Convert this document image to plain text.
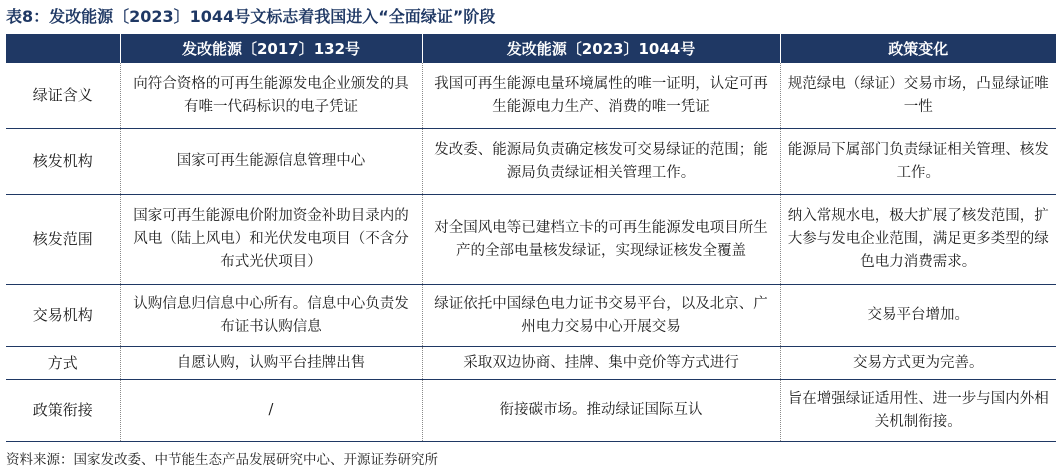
表8：发改能源〔2023〕1044号文标志着我国进入“全面绿证”阶段
	发改能源〔2017〕132号	发改能源〔2023〕1044号	政策变化
绿证含义	向符合资格的可再生能源发电企业颁发的具有唯一代码标识的电子凭证	我国可再生能源电量环境属性的唯一证明，认定可再生能源电力生产、消费的唯一凭证	规范绿电（绿证）交易市场，凸显绿证唯一性
核发机构	国家可再生能源信息管理中心	发改委、能源局负责确定核发可交易绿证的范围；能源局负责绿证相关管理工作。	能源局下属部门负责绿证相关管理、核发工作。
核发范围	国家可再生能源电价附加资金补助目录内的风电（陆上风电）和光伏发电项目（不含分布式光伏项目）	对全国风电等已建档立卡的可再生能源发电项目所生产的全部电量核发绿证，实现绿证核发全覆盖	纳入常规水电，极大扩展了核发范围，扩大参与发电企业范围，满足更多类型的绿色电力消费需求。
交易机构	认购信息归信息中心所有。信息中心负责发布证书认购信息	绿证依托中国绿色电力证书交易平台，以及北京、广州电力交易中心开展交易	交易平台增加。
方式	自愿认购，认购平台挂牌出售	采取双边协商、挂牌、集中竞价等方式进行	交易方式更为完善。
政策衔接	/	衔接碳市场。推动绿证国际互认	旨在增强绿证适用性、进一步与国内外相关机制衔接。
资料来源：国家发改委、中节能生态产品发展研究中心、开源证券研究所
